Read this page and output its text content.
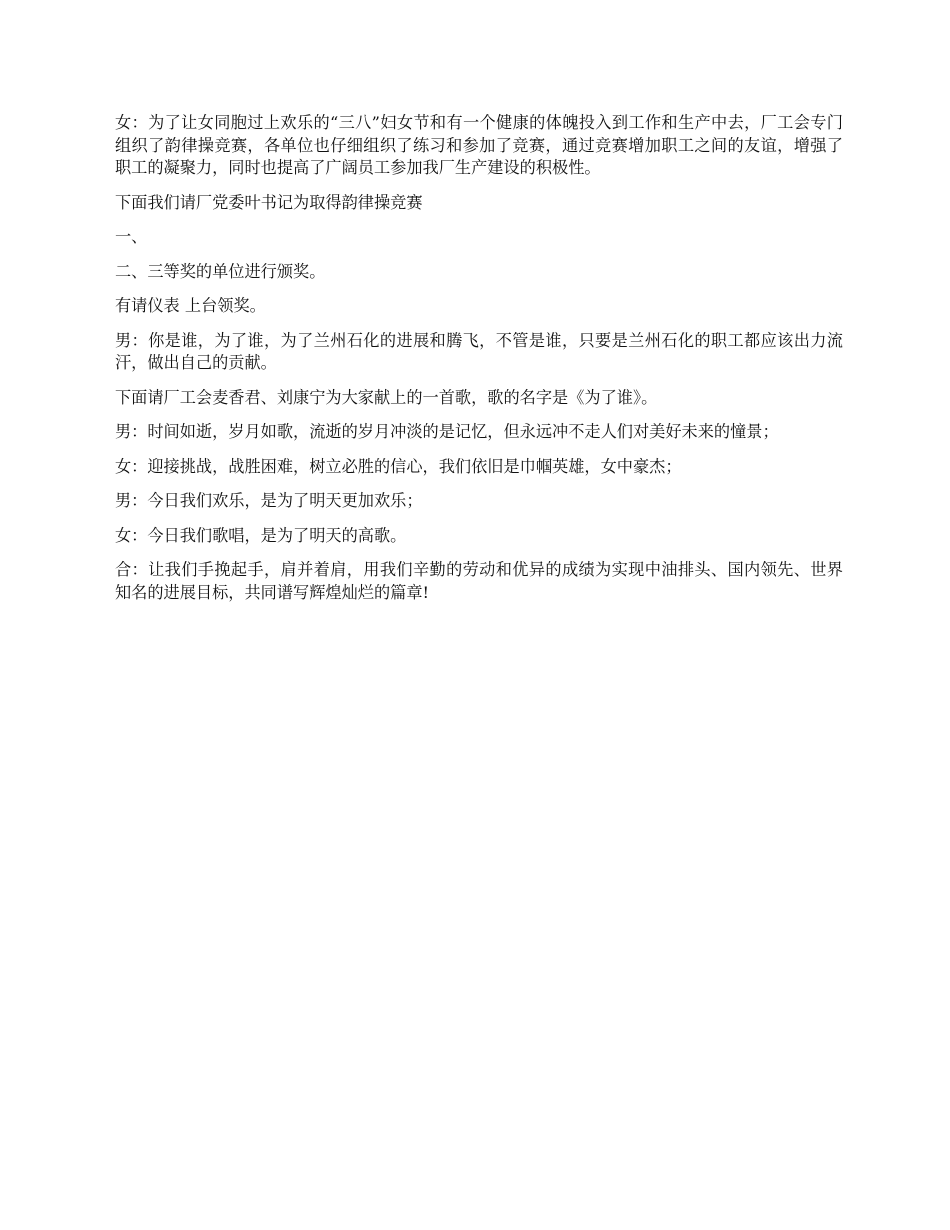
女：为了让女同胞过上欢乐的“三八”妇女节和有一个健康的体魄投入到工作和生产中去，厂工会专门组织了韵律操竞赛，各单位也仔细组织了练习和参加了竞赛，通过竞赛增加职工之间的友谊，增强了职工的凝聚力，同时也提高了广阔员工参加我厂生产建设的积极性。

下面我们请厂党委叶书记为取得韵律操竞赛

一、

二、三等奖的单位进行颁奖。

有请仪表 上台领奖。

男：你是谁，为了谁，为了兰州石化的进展和腾飞，不管是谁，只要是兰州石化的职工都应该出力流汗，做出自己的贡献。

下面请厂工会麦香君、刘康宁为大家献上的一首歌，歌的名字是《为了谁》。

男：时间如逝，岁月如歌，流逝的岁月冲淡的是记忆，但永远冲不走人们对美好未来的憧景；

女：迎接挑战，战胜困难，树立必胜的信心，我们依旧是巾帼英雄，女中豪杰；

男：今日我们欢乐，是为了明天更加欢乐；

女：今日我们歌唱，是为了明天的高歌。

合：让我们手挽起手，肩并着肩，用我们辛勤的劳动和优异的成绩为实现中油排头、国内领先、世界知名的进展目标，共同谱写辉煌灿烂的篇章!
